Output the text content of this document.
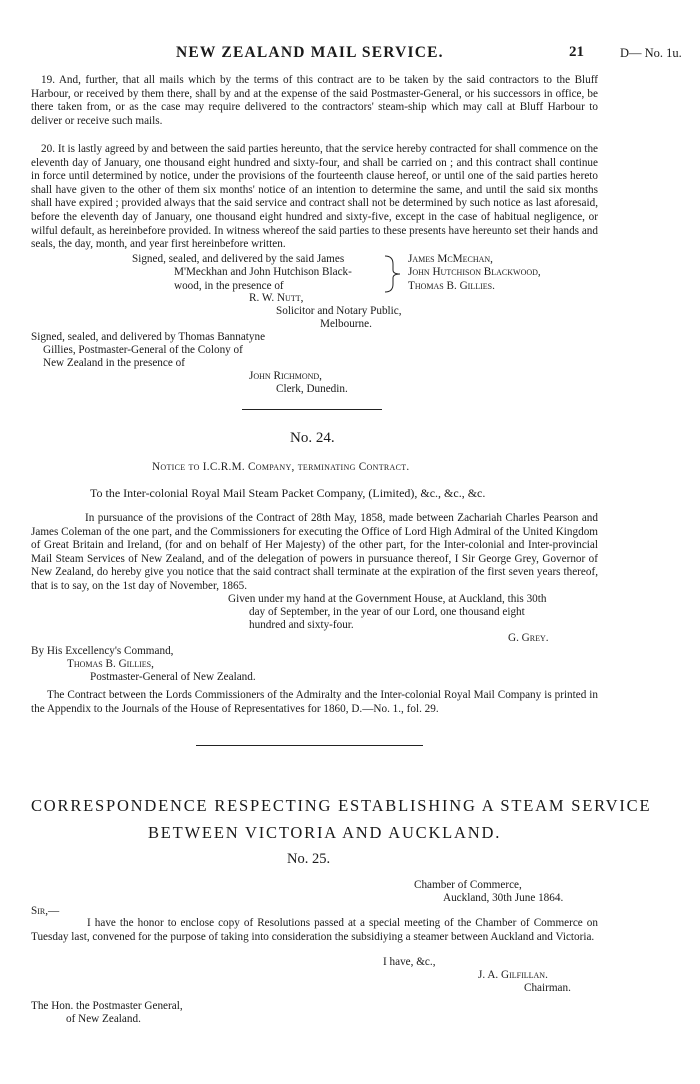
NEW ZEALAND MAIL SERVICE.	21	D— No. 1u.
19. And, further, that all mails which by the terms of this contract are to be taken by the said contractors to the Bluff Harbour, or received by them there, shall by and at the expense of the said Postmaster-General, or his successors in office, be there taken from, or as the case may require delivered to the contractors' steam-ship which may call at Bluff Harbour to deliver or receive such mails.
20. It is lastly agreed by and between the said parties hereunto, that the service hereby contracted for shall commence on the eleventh day of January, one thousand eight hundred and sixty-four, and shall be carried on ; and this contract shall continue in force until determined by notice, under the provisions of the fourteenth clause hereof, or until one of the said parties hereto shall have given to the other of them six months' notice of an intention to determine the same, and until the said six months shall have expired ; provided always that the said service and contract shall not be determined by such notice as last aforesaid, before the eleventh day of January, one thousand eight hundred and sixty-five, except in the case of habitual negligence, or wilful default, as hereinbefore provided. In witness whereof the said parties to these presents have hereunto set their hands and seals, the day, month, and year first hereinbefore written.
Signed, sealed, and delivered by the said James
M'Meckhan and John Hutchison Black-
wood, in the presence of
James McMechan,
John Hutchison Blackwood,
Thomas B. Gillies.
R. W. Nutt,
Solicitor and Notary Public,
Melbourne.
Signed, sealed, and delivered by Thomas Bannatyne
Gillies, Postmaster-General of the Colony of
New Zealand in the presence of
John Richmond,
Clerk, Dunedin.
No. 24.
Notice to I.C.R.M. Company, terminating Contract.
To the Inter-colonial Royal Mail Steam Packet Company, (Limited), &c., &c., &c.
In pursuance of the provisions of the Contract of 28th May, 1858, made between Zachariah Charles Pearson and James Coleman of the one part, and the Commissioners for executing the Office of Lord High Admiral of the United Kingdom of Great Britain and Ireland, (for and on behalf of Her Majesty) of the other part, for the Inter-colonial and Inter-provincial Mail Steam Services of New Zealand, and of the delegation of powers in pursuance thereof, I Sir George Grey, Governor of New Zealand, do hereby give you notice that the said contract shall terminate at the expiration of the first seven years thereof, that is to say, on the 1st day of November, 1865.
Given under my hand at the Government House, at Auckland, this 30th
day of September, in the year of our Lord, one thousand eight
hundred and sixty-four.
G. Grey.
By His Excellency's Command,
Thomas B. Gillies,
Postmaster-General of New Zealand.
The Contract between the Lords Commissioners of the Admiralty and the Inter-colonial Royal Mail Company is printed in the Appendix to the Journals of the House of Representatives for 1860, D.—No. 1., fol. 29.
CORRESPONDENCE RESPECTING ESTABLISHING A STEAM SERVICE
BETWEEN VICTORIA AND AUCKLAND.
No. 25.
Chamber of Commerce,
Auckland, 30th June 1864.
Sir,—
I have the honor to enclose copy of Resolutions passed at a special meeting of the Chamber of Commerce on Tuesday last, convened for the purpose of taking into consideration the subsidiying a steamer between Auckland and Victoria.
I have, &c.,
J. A. Gilfillan.
Chairman.
The Hon. the Postmaster General,
of New Zealand.
